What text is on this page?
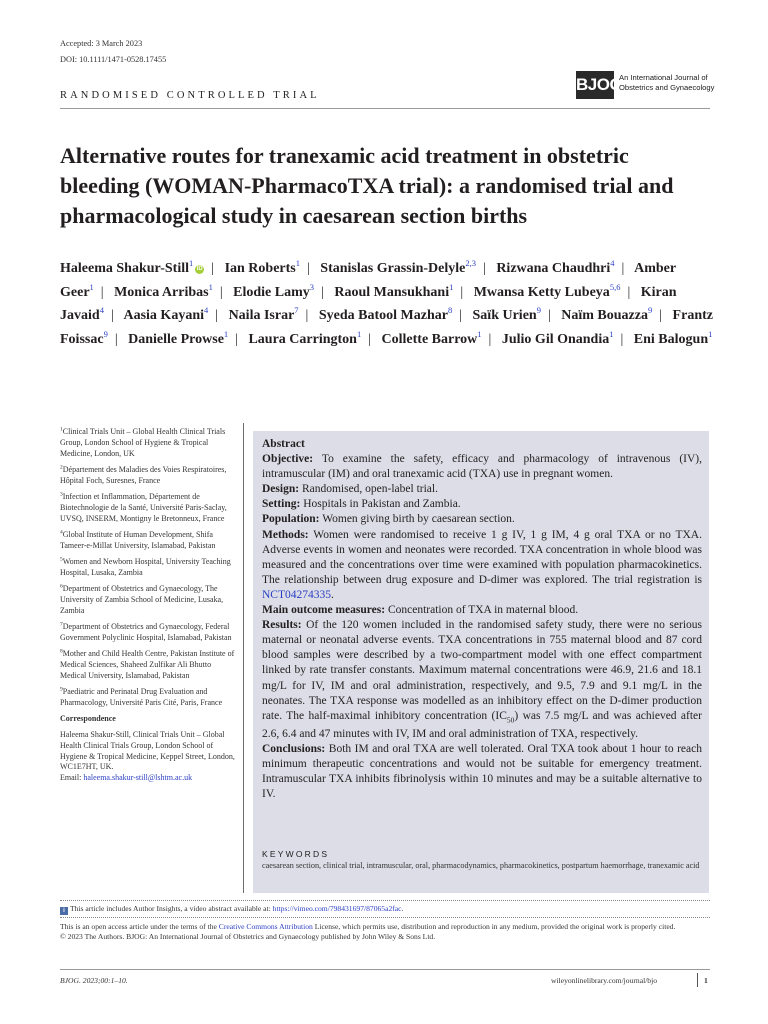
Accepted: 3 March 2023
DOI: 10.1111/1471-0528.17455
BJOG
An International Journal of Obstetrics and Gynaecology
RANDOMISED CONTROLLED TRIAL
Alternative routes for tranexamic acid treatment in obstetric bleeding (WOMAN-PharmacoTXA trial): a randomised trial and pharmacological study in caesarean section births
Haleema Shakur-Still$^1$iD | Ian Roberts$^1$ | Stanislas Grassin-Delyle$^{2,3}$ | Rizwana Chaudhri$^4$ | Amber Geer$^1$ | Monica Arribas$^1$ | Elodie Lamy$^3$ | Raoul Mansukhani$^1$ | Mwansa Ketty Lubeya$^{5,6}$ | Kiran Javaid$^4$ | Aasia Kayani$^4$ | Naila Israr$^7$ | Syeda Batool Mazhar$^8$ | Saïk Urien$^9$ | Naïm Bouazza$^9$ | Frantz Foissac$^9$ | Danielle Prowse$^1$ | Laura Carrington$^1$ | Collette Barrow$^1$ | Julio Gil Onandia$^1$ | Eni Balogun$^1$

$^1$Clinical Trials Unit – Global Health Clinical Trials Group, London School of Hygiene & Tropical Medicine, London, UK

$^2$Département des Maladies des Voies Respiratoires, Hôpital Foch, Suresnes, France

$^3$Infection et Inflammation, Département de Biotechnologie de la Santé, Université Paris-Saclay, UVSQ, INSERM, Montigny le Bretonneux, France

$^4$Global Institute of Human Development, Shifa Tameer-e-Millat University, Islamabad, Pakistan

$^5$Women and Newborn Hospital, University Teaching Hospital, Lusaka, Zambia

$^6$Department of Obstetrics and Gynaecology, The University of Zambia School of Medicine, Lusaka, Zambia

$^7$Department of Obstetrics and Gynaecology, Federal Government Polyclinic Hospital, Islamabad, Pakistan

$^8$Mother and Child Health Centre, Pakistan Institute of Medical Sciences, Shaheed Zulfikar Ali Bhutto Medical University, Islamabad, Pakistan

$^9$Paediatric and Perinatal Drug Evaluation and Pharmacology, Université Paris Cité, Paris, France

Correspondence

Haleema Shakur-Still, Clinical Trials Unit – Global Health Clinical Trials Group, London School of Hygiene & Tropical Medicine, Keppel Street, London, WC1E7HT, UK.
Email: haleema.shakur-still@lshtm.ac.uk

Abstract

Objective: To examine the safety, efficacy and pharmacology of intravenous (IV), intramuscular (IM) and oral tranexamic acid (TXA) use in pregnant women.

Design: Randomised, open-label trial.

Setting: Hospitals in Pakistan and Zambia.

Population: Women giving birth by caesarean section.

Methods: Women were randomised to receive 1 g IV, 1 g IM, 4 g oral TXA or no TXA. Adverse events in women and neonates were recorded. TXA concentration in whole blood was measured and the concentrations over time were examined with population pharmacokinetics. The relationship between drug exposure and D-dimer was explored. The trial registration is NCT04274335.

Main outcome measures: Concentration of TXA in maternal blood.

Results: Of the 120 women included in the randomised safety study, there were no serious maternal or neonatal adverse events. TXA concentrations in 755 maternal blood and 87 cord blood samples were described by a two-compartment model with one effect compartment linked by rate transfer constants. Maximum maternal concentrations were 46.9, 21.6 and 18.1 mg/L for IV, IM and oral administration, respectively, and 9.5, 7.9 and 9.1 mg/L in the neonates. The TXA response was modelled as an inhibitory effect on the D-dimer production rate. The half-maximal inhibitory concentration $(IC_{50})$ was 7.5 mg/L and was achieved after 2.6, 6.4 and 47 minutes with IV, IM and oral administration of TXA, respectively.

Conclusions: Both IM and oral TXA are well tolerated. Oral TXA took about 1 hour to reach minimum therapeutic concentrations and would not be suitable for emergency treatment. Intramuscular TXA inhibits fibrinolysis within 10 minutes and may be a suitable alternative to IV.

KEYWORDS
caesarean section, clinical trial, intramuscular, oral, pharmacodynamics, pharmacokinetics, postpartum haemorrhage, tranexamic acid
i This article includes Author Insights, a video abstract available at: https://vimeo.com/798431697/87065a2fac.
This is an open access article under the terms of the Creative Commons Attribution License, which permits use, distribution and reproduction in any medium, provided the original work is properly cited.
© 2023 The Authors. BJOG: An International Journal of Obstetrics and Gynaecology published by John Wiley & Sons Ltd.
BJOG. 2023;00:1–10.	wileyonlinelibrary.com/journal/bjo	1
